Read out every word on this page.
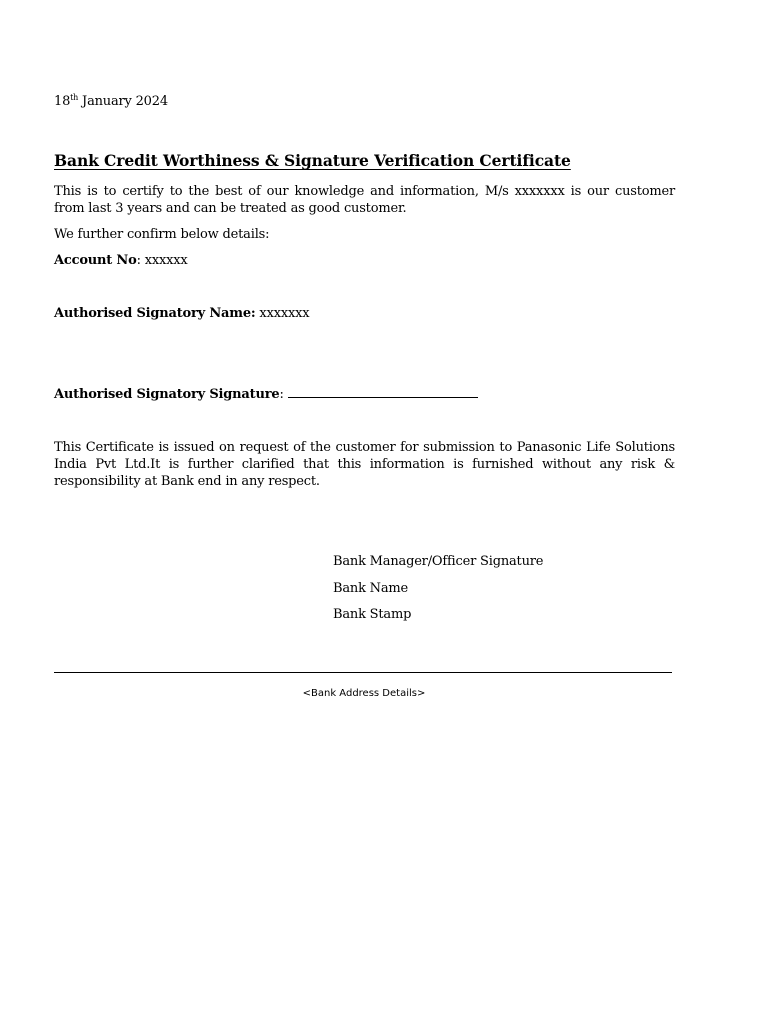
18th January 2024
Bank Credit Worthiness & Signature Verification Certificate
This is to certify to the best of our knowledge and information, M/s xxxxxxx is our customer from last 3 years and can be treated as good customer.
We further confirm below details:
Account No: xxxxxx
Authorised Signatory Name: xxxxxxx
Authorised Signatory Signature:
This Certificate is issued on request of the customer for submission to Panasonic Life Solutions India Pvt Ltd.It is further clarified that this information is furnished without any risk & responsibility at Bank end in any respect.
Bank Manager/Officer Signature
Bank Name
Bank Stamp
<Bank Address Details>
